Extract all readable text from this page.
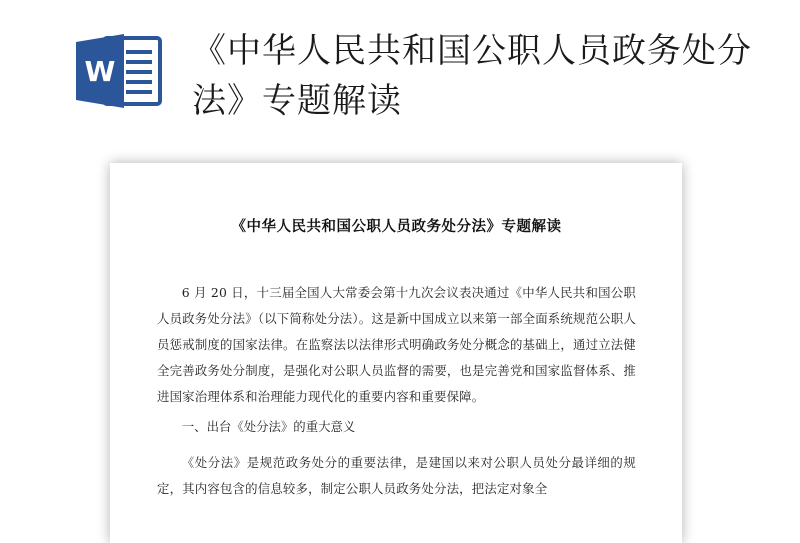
W
《中华人民共和国公职人员政务处分法》专题解读
《中华人民共和国公职人员政务处分法》专题解读

6 月 20 日，十三届全国人大常委会第十九次会议表决通过《中华人民共和国公职人员政务处分法》（以下简称处分法）。这是新中国成立以来第一部全面系统规范公职人员惩戒制度的国家法律。在监察法以法律形式明确政务处分概念的基础上，通过立法健全完善政务处分制度，是强化对公职人员监督的需要，也是完善党和国家监督体系、推进国家治理体系和治理能力现代化的重要内容和重要保障。

一、出台《处分法》的重大意义

《处分法》是规范政务处分的重要法律，是建国以来对公职人员处分最详细的规定，其内容包含的信息较多，制定公职人员政务处分法，把法定对象全
